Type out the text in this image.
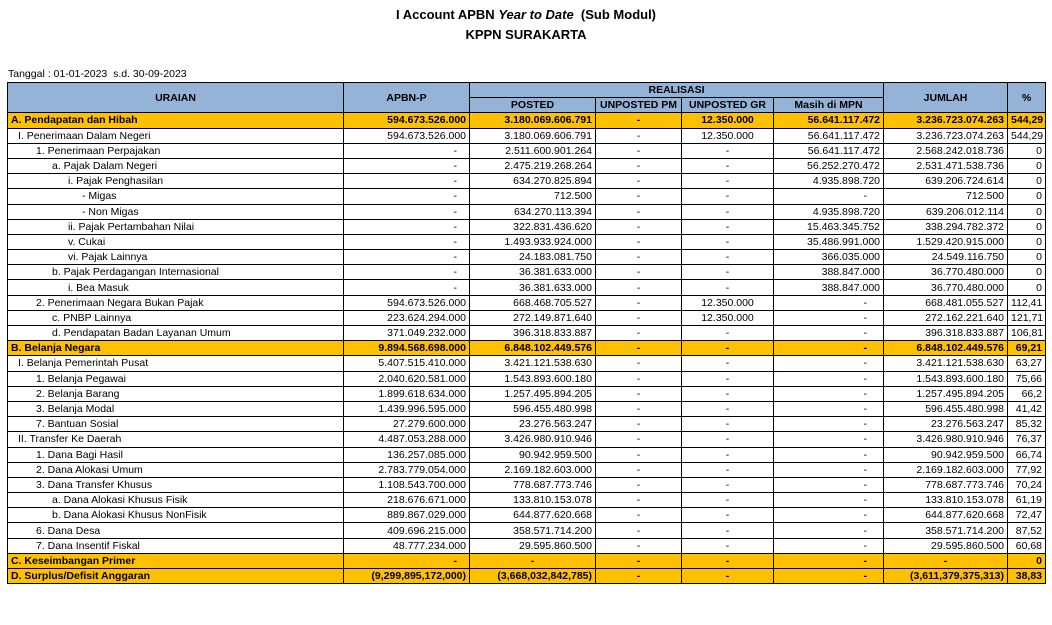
I Account APBN Year to Date  (Sub Modul)
KPPN SURAKARTA
Tanggal : 01-01-2023  s.d. 30-09-2023
URAIAN	APBN-P	REALISASI				JUMLAH	%
		POSTED	UNPOSTED PM	UNPOSTED GR	Masih di MPN		
A. Pendapatan dan Hibah	594.673.526.000	3.180.069.606.791	-	12.350.000	56.641.117.472	3.236.723.074.263	544,29
I. Penerimaan Dalam Negeri	594.673.526.000	3.180.069.606.791	-	12.350.000	56.641.117.472	3.236.723.074.263	544,29
1. Penerimaan Perpajakan	-	2.511.600.901.264	-	-	56.641.117.472	2.568.242.018.736	0
a. Pajak Dalam Negeri	-	2.475.219.268.264	-	-	56.252.270.472	2.531.471.538.736	0
i. Pajak Penghasilan	-	634.270.825.894	-	-	4.935.898.720	639.206.724.614	0
- Migas	-	712.500	-	-	-	712.500	0
- Non Migas	-	634.270.113.394	-	-	4.935.898.720	639.206.012.114	0
ii. Pajak Pertambahan Nilai	-	322.831.436.620	-	-	15.463.345.752	338.294.782.372	0
v. Cukai	-	1.493.933.924.000	-	-	35.486.991.000	1.529.420.915.000	0
vi. Pajak Lainnya	-	24.183.081.750	-	-	366.035.000	24.549.116.750	0
b. Pajak Perdagangan Internasional	-	36.381.633.000	-	-	388.847.000	36.770.480.000	0
i. Bea Masuk	-	36.381.633.000	-	-	388.847.000	36.770.480.000	0
2. Penerimaan Negara Bukan Pajak	594.673.526.000	668.468.705.527	-	12.350.000	-	668.481.055.527	112,41
c. PNBP Lainnya	223.624.294.000	272.149.871.640	-	12.350.000	-	272.162.221.640	121,71
d. Pendapatan Badan Layanan Umum	371.049.232.000	396.318.833.887	-	-	-	396.318.833.887	106,81
B. Belanja Negara	9.894.568.698.000	6.848.102.449.576	-	-	-	6.848.102.449.576	69,21
I. Belanja Pemerintah Pusat	5.407.515.410.000	3.421.121.538.630	-	-	-	3.421.121.538.630	63,27
1. Belanja Pegawai	2.040.620.581.000	1.543.893.600.180	-	-	-	1.543.893.600.180	75,66
2. Belanja Barang	1.899.618.634.000	1.257.495.894.205	-	-	-	1.257.495.894.205	66,2
3. Belanja Modal	1.439.996.595.000	596.455.480.998	-	-	-	596.455.480.998	41,42
7. Bantuan Sosial	27.279.600.000	23.276.563.247	-	-	-	23.276.563.247	85,32
II. Transfer Ke Daerah	4.487.053.288.000	3.426.980.910.946	-	-	-	3.426.980.910.946	76,37
1. Dana Bagi Hasil	136.257.085.000	90.942.959.500	-	-	-	90.942.959.500	66,74
2. Dana Alokasi Umum	2.783.779.054.000	2.169.182.603.000	-	-	-	2.169.182.603.000	77,92
3. Dana Transfer Khusus	1.108.543.700.000	778.687.773.746	-	-	-	778.687.773.746	70,24
a. Dana Alokasi Khusus Fisik	218.676.671.000	133.810.153.078	-	-	-	133.810.153.078	61,19
b. Dana Alokasi Khusus NonFisik	889.867.029.000	644.877.620.668	-	-	-	644.877.620.668	72,47
6. Dana Desa	409.696.215.000	358.571.714.200	-	-	-	358.571.714.200	87,52
7. Dana Insentif Fiskal	48.777.234.000	29.595.860.500	-	-	-	29.595.860.500	60,68
C. Keseimbangan Primer	-	-	-	-	-	-	0
D. Surplus/Defisit Anggaran	(9,299,895,172,000)	(3,668,032,842,785)	-	-	-	(3,611,379,375,313)	38,83
